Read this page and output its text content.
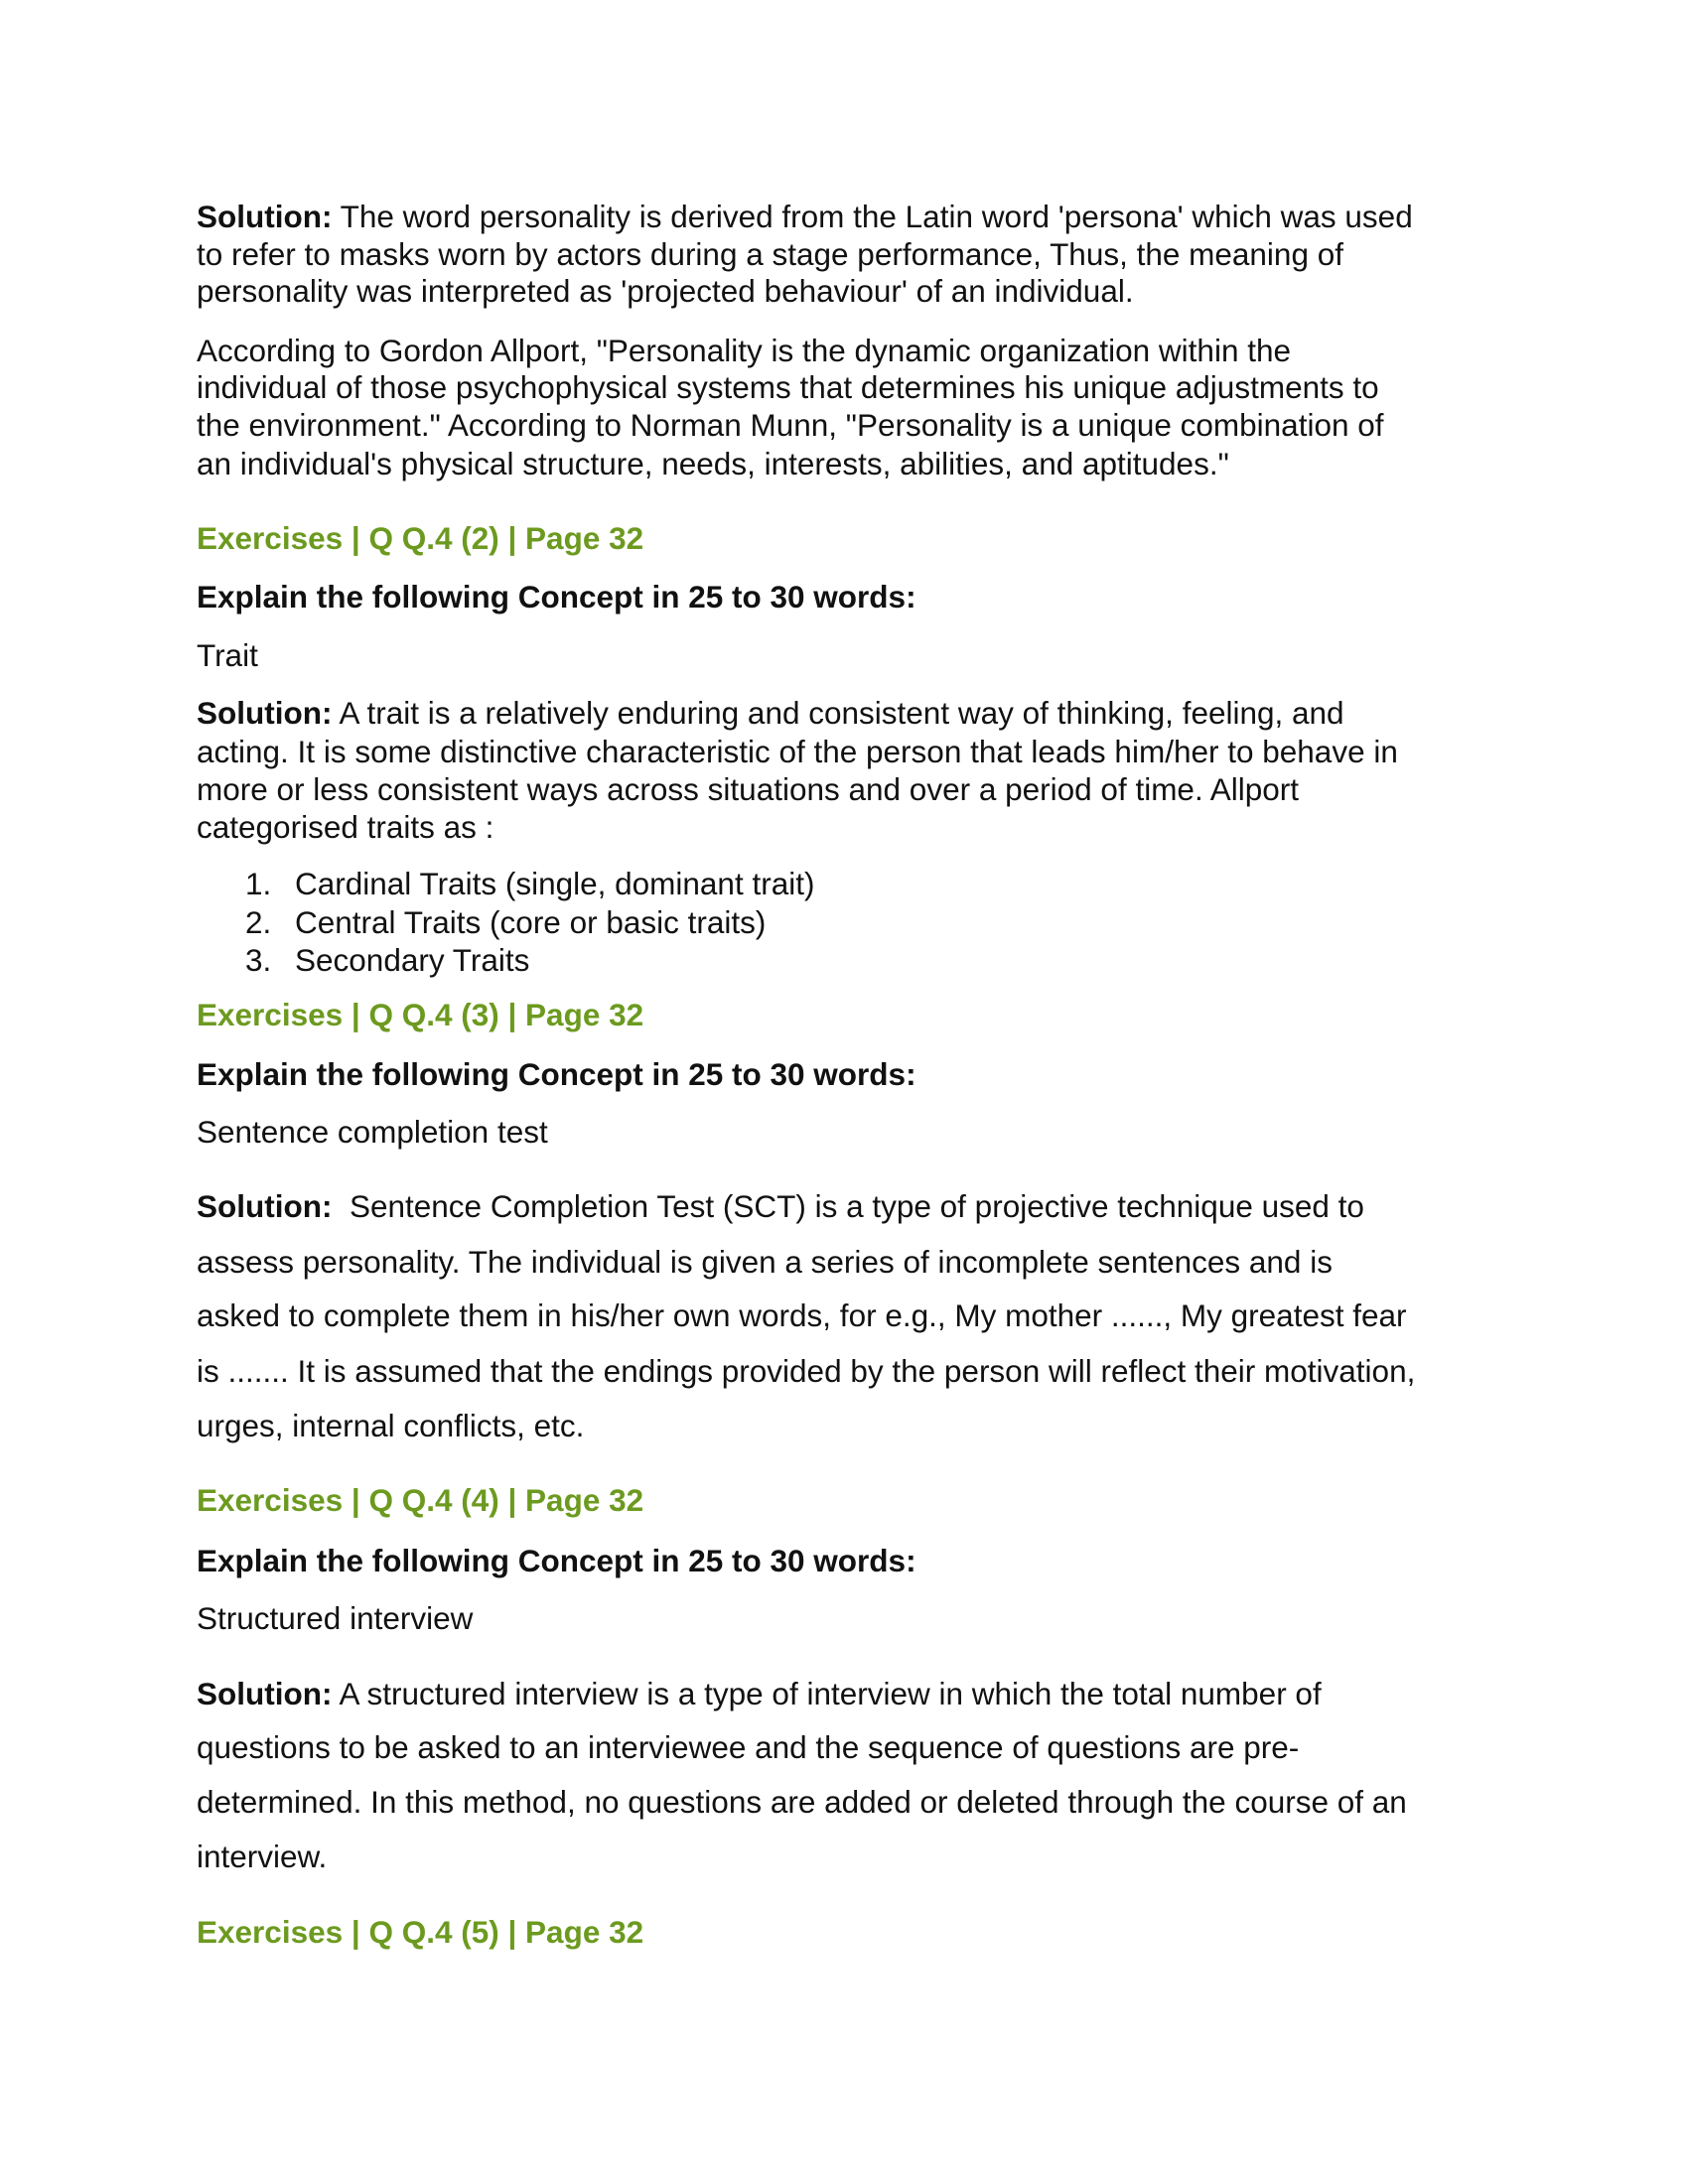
Solution: The word personality is derived from the Latin word 'persona' which was used
to refer to masks worn by actors during a stage performance, Thus, the meaning of
personality was interpreted as 'projected behaviour' of an individual.
According to Gordon Allport, "Personality is the dynamic organization within the
individual of those psychophysical systems that determines his unique adjustments to
the environment." According to Norman Munn, "Personality is a unique combination of
an individual's physical structure, needs, interests, abilities, and aptitudes."
Exercises | Q Q.4 (2) | Page 32
Explain the following Concept in 25 to 30 words:
Trait
Solution: A trait is a relatively enduring and consistent way of thinking, feeling, and
acting. It is some distinctive characteristic of the person that leads him/her to behave in
more or less consistent ways across situations and over a period of time. Allport
categorised traits as :
1. Cardinal Traits (single, dominant trait)
2. Central Traits (core or basic traits)
3. Secondary Traits
Exercises | Q Q.4 (3) | Page 32
Explain the following Concept in 25 to 30 words:
Sentence completion test
Solution:  Sentence Completion Test (SCT) is a type of projective technique used to
assess personality. The individual is given a series of incomplete sentences and is
asked to complete them in his/her own words, for e.g., My mother ......, My greatest fear
is ....... It is assumed that the endings provided by the person will reflect their motivation,
urges, internal conflicts, etc.
Exercises | Q Q.4 (4) | Page 32
Explain the following Concept in 25 to 30 words:
Structured interview
Solution: A structured interview is a type of interview in which the total number of
questions to be asked to an interviewee and the sequence of questions are pre-
determined. In this method, no questions are added or deleted through the course of an
interview.
Exercises | Q Q.4 (5) | Page 32
